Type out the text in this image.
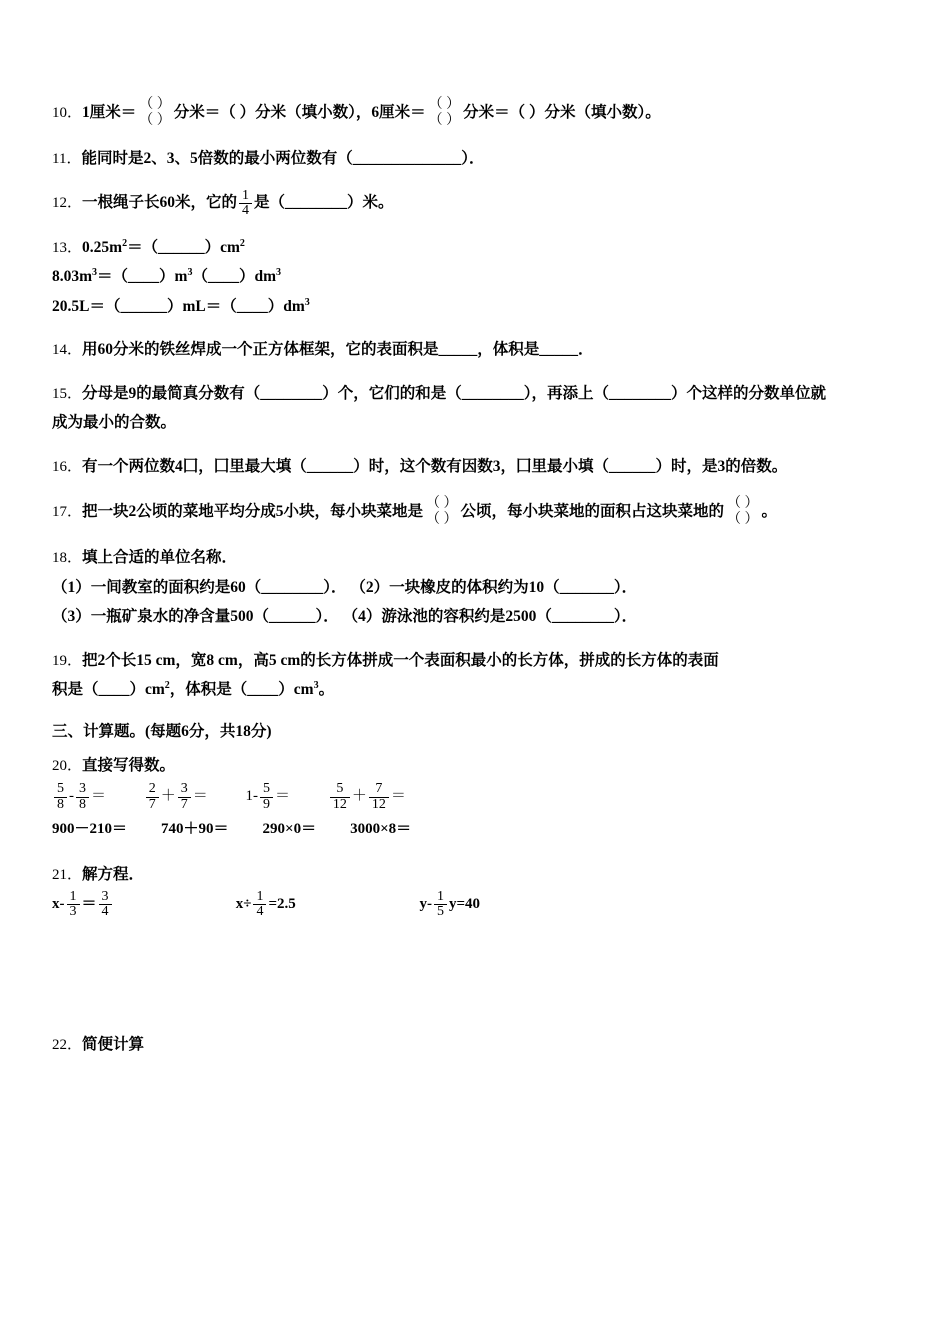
10．1厘米＝ （ ）
（ ） 分米＝（ ）分米（填小数），6厘米＝ （ ）
（ ） 分米＝（ ）分米（填小数）。
11．能同时是2、3、5倍数的最小两位数有（______________）．
12．一根绳子长60米，它的 $\frac{1}{4}$ 是（________）米。
13．$0.25m^2=(\_\_\_\_\_\_)cm^2$
$8.03m^3=(\_\_\_\_)m^3(\_\_\_\_)dm^3$
$20.5L=(\_\_\_\_\_\_)mL=(\_\_\_\_)dm^3$
14．用60分米的铁丝焊成一个正方体框架，它的表面积是_____，体积是_____．
15．分母是9的最简真分数有（________）个，它们的和是（________），再添上（________）个这样的分数单位就
成为最小的合数。
16．有一个两位数4囗，囗里最大填（______）时，这个数有因数3，囗里最小填（______）时，是3的倍数。
17．把一块2公顷的菜地平均分成5小块，每小块菜地是 （ ）
（ ） 公顷，每小块菜地的面积占这块菜地的 （ ）
（ ） 。
18．填上合适的单位名称．
（1）一间教室的面积约是60（________）． （2）一块橡皮的体积约为10（_______）．
（3）一瓶矿泉水的净含量500（______）． （4）游泳池的容积约是2500（________）．
19．把2个长15 cm，宽8 cm，高5 cm的长方体拼成一个表面积最小的长方体，拼成的长方体的表面
积是$(\_\_\_\_)cm^2$，体积是$(\_\_\_\_)cm^3$。
三、计算题。(每题6分，共18分)
20．直接写得数。
$\frac{5}{8} - \frac{3}{8}$ ＝	$\frac{2}{7} + \frac{3}{7}$ ＝	$1- \frac{5}{9}$ ＝	$\frac{5}{12} + \frac{7}{12}$ ＝
900－210＝ 740＋90＝ 290×0＝ 3000×8＝
21．解方程．
$x- \frac{1}{3} = \frac{3}{4}$	$x\div \frac{1}{4} =2.5$	$y- \frac{1}{5} y=40$
22．简便计算
